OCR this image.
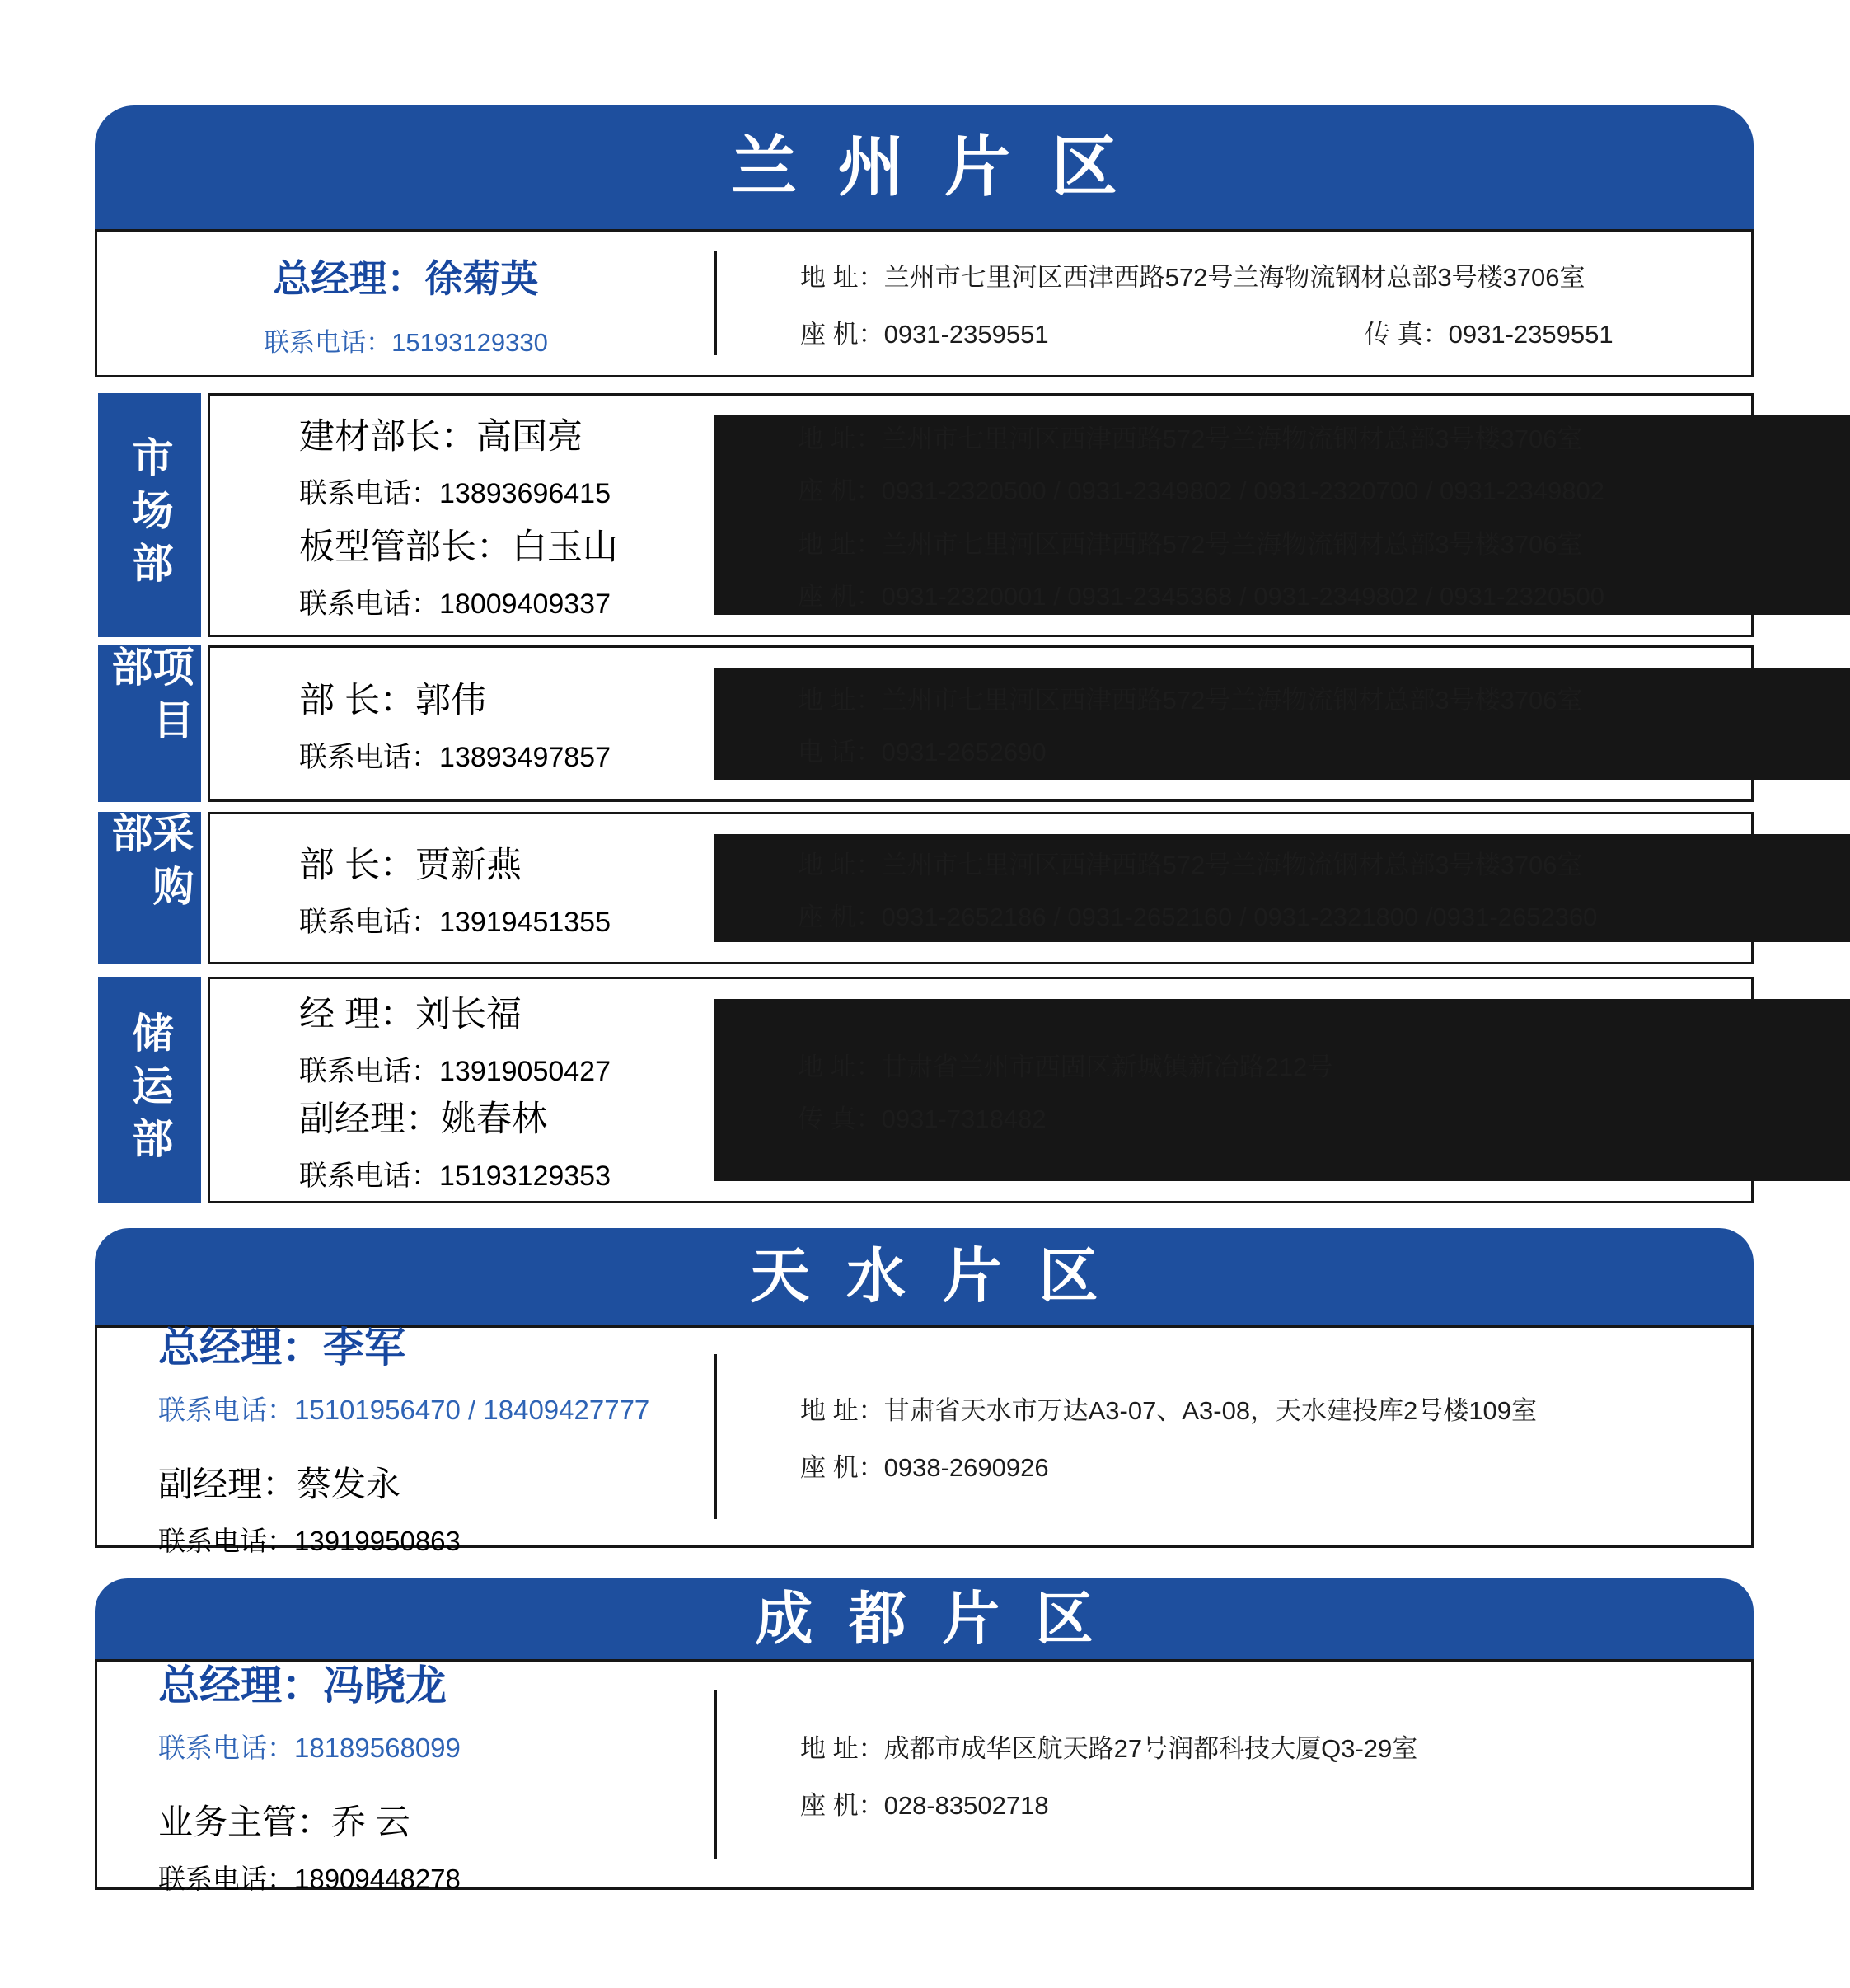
兰州片区
总经理：徐菊英
联系电话：15193129330
地 址：兰州市七里河区西津西路572号兰海物流钢材总部3号楼3706室
座 机：0931-2359551	传 真：0931-2359551
市场部	建材部长：高国亮
联系电话：13893696415
板型管部长：白玉山
联系电话：18009409337
地 址：兰州市七里河区西津西路572号兰海物流钢材总部3号楼3706室
座 机：0931-2320500 / 0931-2349802 / 0931-2320700 / 0931-2349802
地 址：兰州市七里河区西津西路572号兰海物流钢材总部3号楼3706室
座 机：0931-2320001 / 0931-2345368 / 0931-2349802 / 0931-2320500
项目部
部 长：郭伟
联系电话：13893497857
地 址：兰州市七里河区西津西路572号兰海物流钢材总部3号楼3706室
电 话：0931-2652690
采购部
部 长：贾新燕
联系电话：13919451355
地 址：兰州市七里河区西津西路572号兰海物流钢材总部3号楼3706室
座 机：0931-2652186 / 0931-2652160 / 0931-2321800 /0931-2652360
储运部	经 理：刘长福
联系电话：13919050427
副经理：姚春林
联系电话：15193129353
地 址：甘肃省兰州市西固区新城镇新冶路212号
传 真：0931-7318482
天水片区
总经理：李军
联系电话：15101956470 / 18409427777
副经理：蔡发永
联系电话：13919950863
地 址：甘肃省天水市万达A3-07、A3-08，天水建投库2号楼109室
座 机：0938-2690926
成都片区
总经理：冯晓龙
联系电话：18189568099
业务主管：乔 云
联系电话：18909448278
地 址：成都市成华区航天路27号润都科技大厦Q3-29室
座 机：028-83502718
